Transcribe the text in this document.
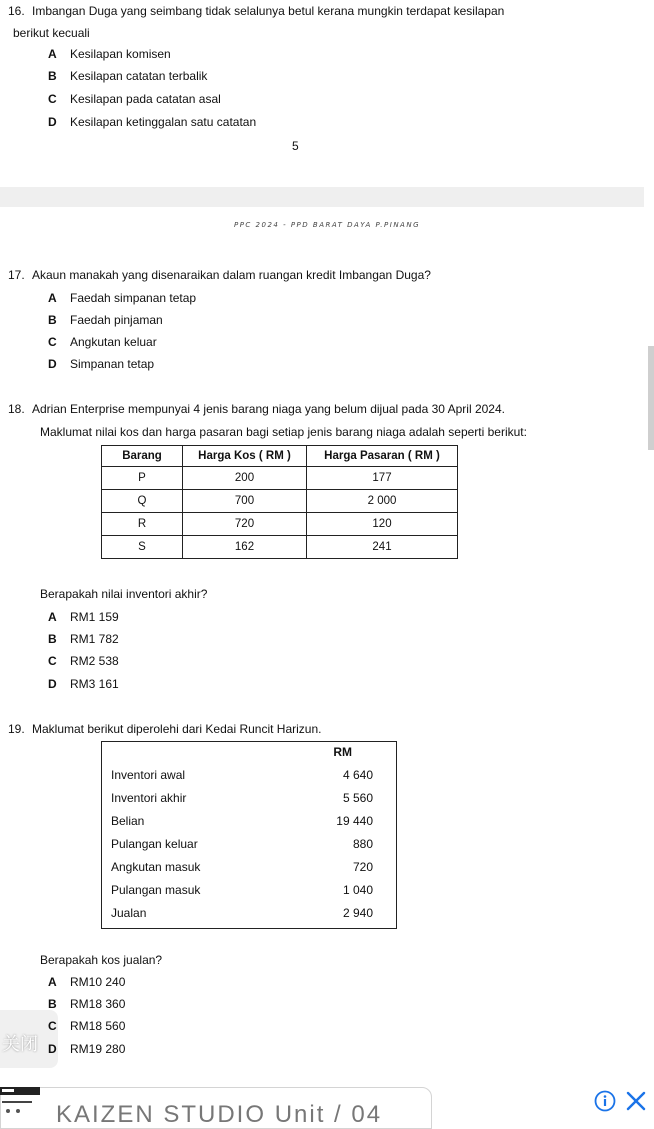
16. Imbangan Duga yang seimbang tidak selalunya betul kerana mungkin terdapat kesilapan
berikut kecuali
A Kesilapan komisen
B Kesilapan catatan terbalik
C Kesilapan pada catatan asal
D Kesilapan ketinggalan satu catatan
5
PPC 2024 - PPD BARAT DAYA P.PINANG
17. Akaun manakah yang disenaraikan dalam ruangan kredit Imbangan Duga?
A Faedah simpanan tetap
B Faedah pinjaman
C Angkutan keluar
D Simpanan tetap
18. Adrian Enterprise mempunyai 4 jenis barang niaga yang belum dijual pada 30 April 2024.
Maklumat nilai kos dan harga pasaran bagi setiap jenis barang niaga adalah seperti berikut:
Barang	Harga Kos ( RM )	Harga Pasaran ( RM )
P	200	177
Q	700	2 000
R	720	120
S	162	241
Berapakah nilai inventori akhir?
A RM1 159
B RM1 782
C RM2 538
D RM3 161
19. Maklumat berikut diperolehi dari Kedai Runcit Harizun.
RM
Inventori awal	4 640
Inventori akhir	5 560
Belian	19 440
Pulangan keluar	880
Angkutan masuk	720
Pulangan masuk	1 040
Jualan	2 940
Berapakah kos jualan?
A RM10 240
B RM18 360
C RM18 560
D RM19 280
关闭
KAIZEN STUDIO Unit / 04
